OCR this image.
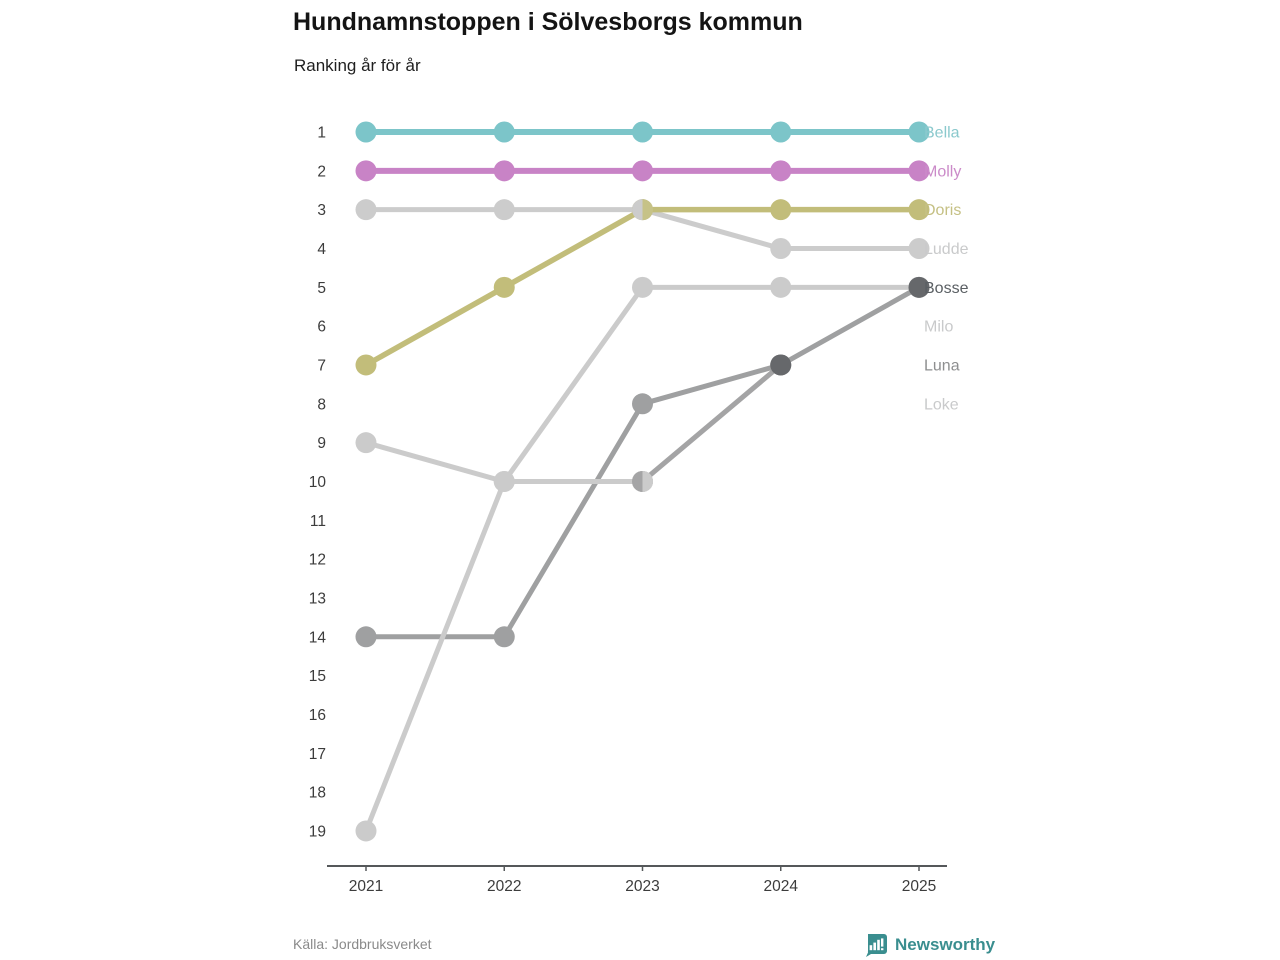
Hundnamnstoppen i Sölvesborgs kommun
Ranking år för år
1
2
3
4
5
6
7
8
9
10
11
12
13
14
15
16
17
18
19
2021	2022	2023	2024	2025
Bella
Molly
Doris
Ludde
Bosse
Milo
Luna
Loke
Källa: Jordbruksverket	Newsworthy
